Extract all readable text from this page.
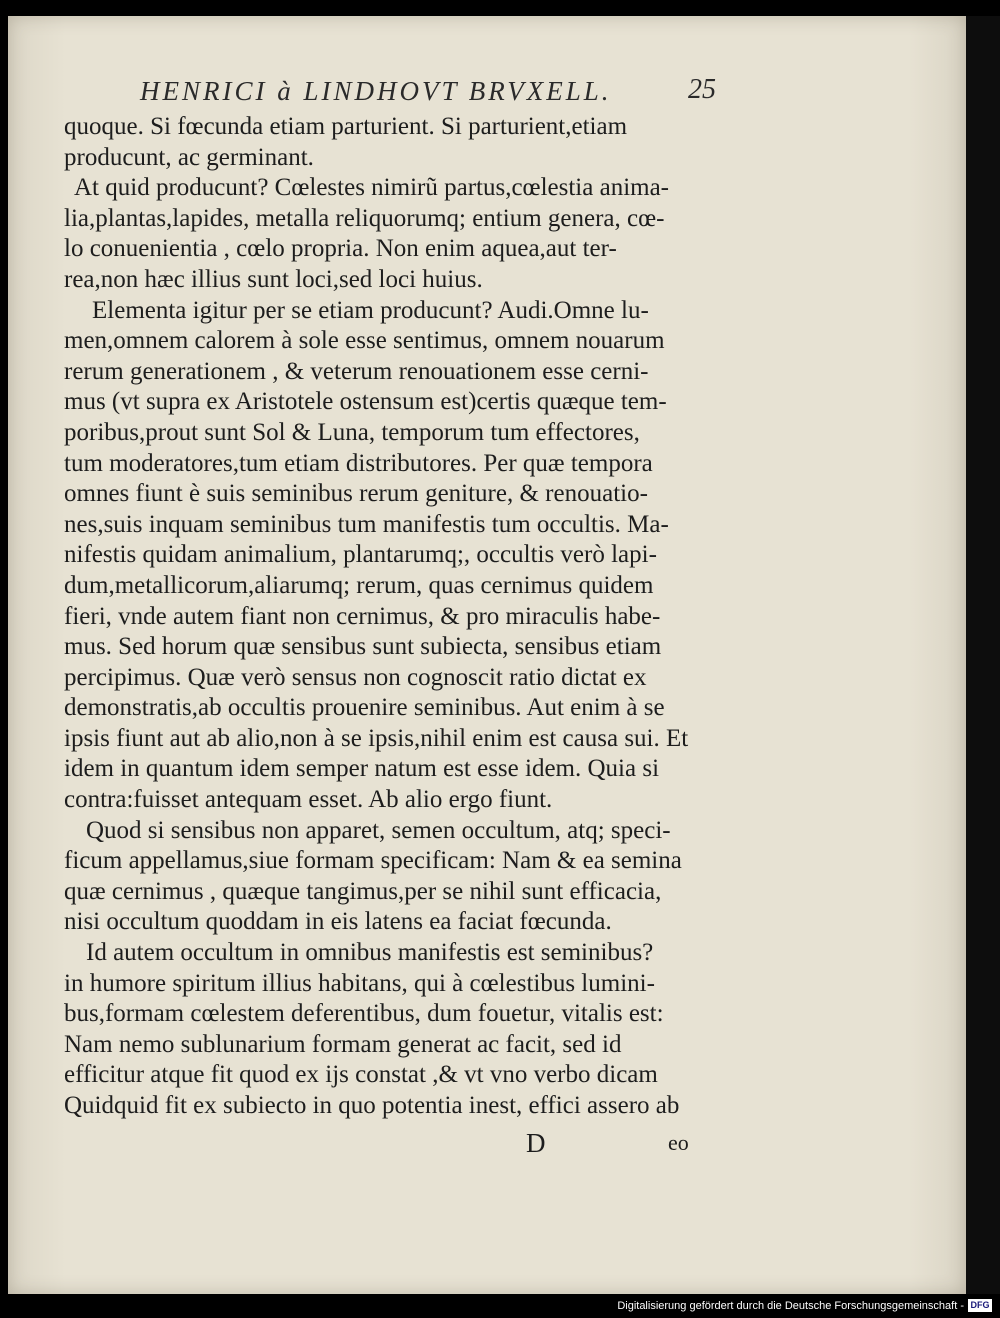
HENRICI à LINDHOVT BRVXELL.	25
quoque. Si fœcunda etiam parturient. Si parturient,etiam
producunt, ac germinant.
At quid producunt? Cœlestes nimirũ partus,cœlestia anima-
lia,plantas,lapides, metalla reliquorumq; entium genera, cœ-
lo conuenientia , cœlo propria. Non enim aquea,aut ter-
rea,non hæc illius sunt loci,sed loci huius.
Elementa igitur per se etiam producunt? Audi.Omne lu-
men,omnem calorem à sole esse sentimus, omnem nouarum
rerum generationem , & veterum renouationem esse cerni-
mus (vt supra ex Aristotele ostensum est)certis quæque tem-
poribus,prout sunt Sol & Luna, temporum tum effectores,
tum moderatores,tum etiam distributores. Per quæ tempora
omnes fiunt è suis seminibus rerum geniture, & renouatio-
nes,suis inquam seminibus tum manifestis tum occultis. Ma-
nifestis quidam animalium, plantarumq;, occultis verò lapi-
dum,metallicorum,aliarumq; rerum, quas cernimus quidem
fieri, vnde autem fiant non cernimus, & pro miraculis habe-
mus. Sed horum quæ sensibus sunt subiecta, sensibus etiam
percipimus. Quæ verò sensus non cognoscit ratio dictat ex
demonstratis,ab occultis prouenire seminibus. Aut enim à se
ipsis fiunt aut ab alio,non à se ipsis,nihil enim est causa sui. Et
idem in quantum idem semper natum est esse idem. Quia si
contra:fuisset antequam esset. Ab alio ergo fiunt.
Quod si sensibus non apparet, semen occultum, atq; speci-
ficum appellamus,siue formam specificam: Nam & ea semina
quæ cernimus , quæque tangimus,per se nihil sunt efficacia,
nisi occultum quoddam in eis latens ea faciat fœcunda.
Id autem occultum in omnibus manifestis est seminibus?
in humore spiritum illius habitans, qui à cœlestibus lumini-
bus,formam cœlestem deferentibus, dum fouetur, vitalis est:
Nam nemo sublunarium formam generat ac facit, sed id
efficitur atque fit quod ex ijs constat ,& vt vno verbo dicam
Quidquid fit ex subiecto in quo potentia inest, effici assero ab
D	eo
Digitalisierung gefördert durch die Deutsche Forschungsgemeinschaft - DFG
